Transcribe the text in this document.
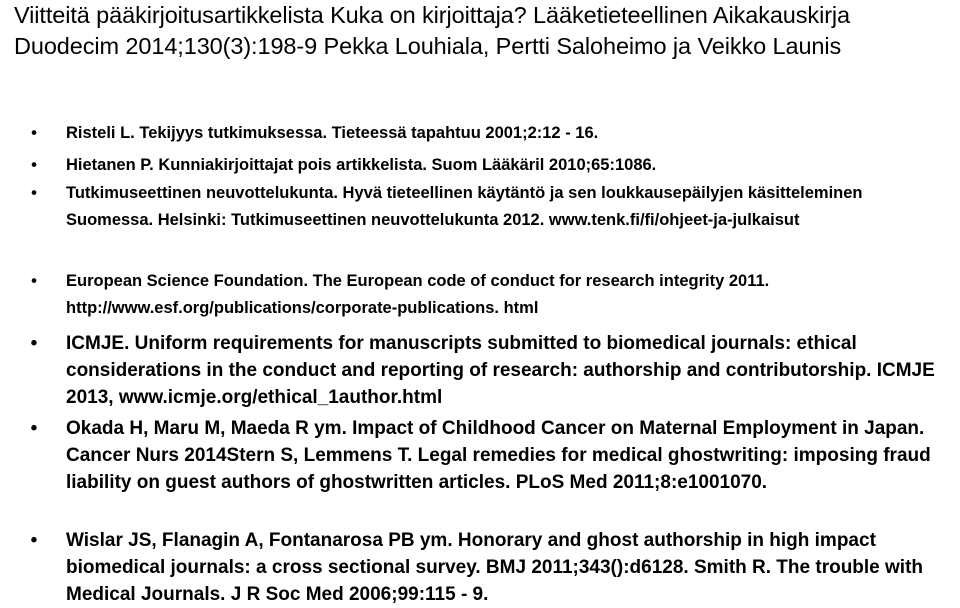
Viitteitä pääkirjoitusartikkelista Kuka on kirjoittaja? Lääketieteellinen Aikakauskirja Duodecim 2014;130(3):198-9 Pekka Louhiala, Pertti Saloheimo ja Veikko Launis
• Risteli L. Tekijyys tutkimuksessa. Tieteessä tapahtuu 2001;2:12 - 16.
• Hietanen P. Kunniakirjoittajat pois artikkelista. Suom Lääkäril 2010;65:1086.
• Tutkimuseettinen neuvottelukunta. Hyvä tieteellinen käytäntö ja sen loukkausepäilyjen käsitteleminen Suomessa. Helsinki: Tutkimuseettinen neuvottelukunta 2012. www.tenk.fi/fi/ohjeet-ja-julkaisut
• European Science Foundation. The European code of conduct for research integrity 2011. http://www.esf.org/publications/corporate-publications. html
• ICMJE. Uniform requirements for manuscripts submitted to biomedical journals: ethical considerations in the conduct and reporting of research: authorship and contributorship. ICMJE 2013, www.icmje.org/ethical_1author.html
• Okada H, Maru M, Maeda R ym. Impact of Childhood Cancer on Maternal Employment in Japan. Cancer Nurs 2014Stern S, Lemmens T. Legal remedies for medical ghostwriting: imposing fraud liability on guest authors of ghostwritten articles. PLoS Med 2011;8:e1001070.
• Wislar JS, Flanagin A, Fontanarosa PB ym. Honorary and ghost authorship in high impact biomedical journals: a cross sectional survey. BMJ 2011;343():d6128. Smith R. The trouble with Medical Journals. J R Soc Med 2006;99:115 - 9.
